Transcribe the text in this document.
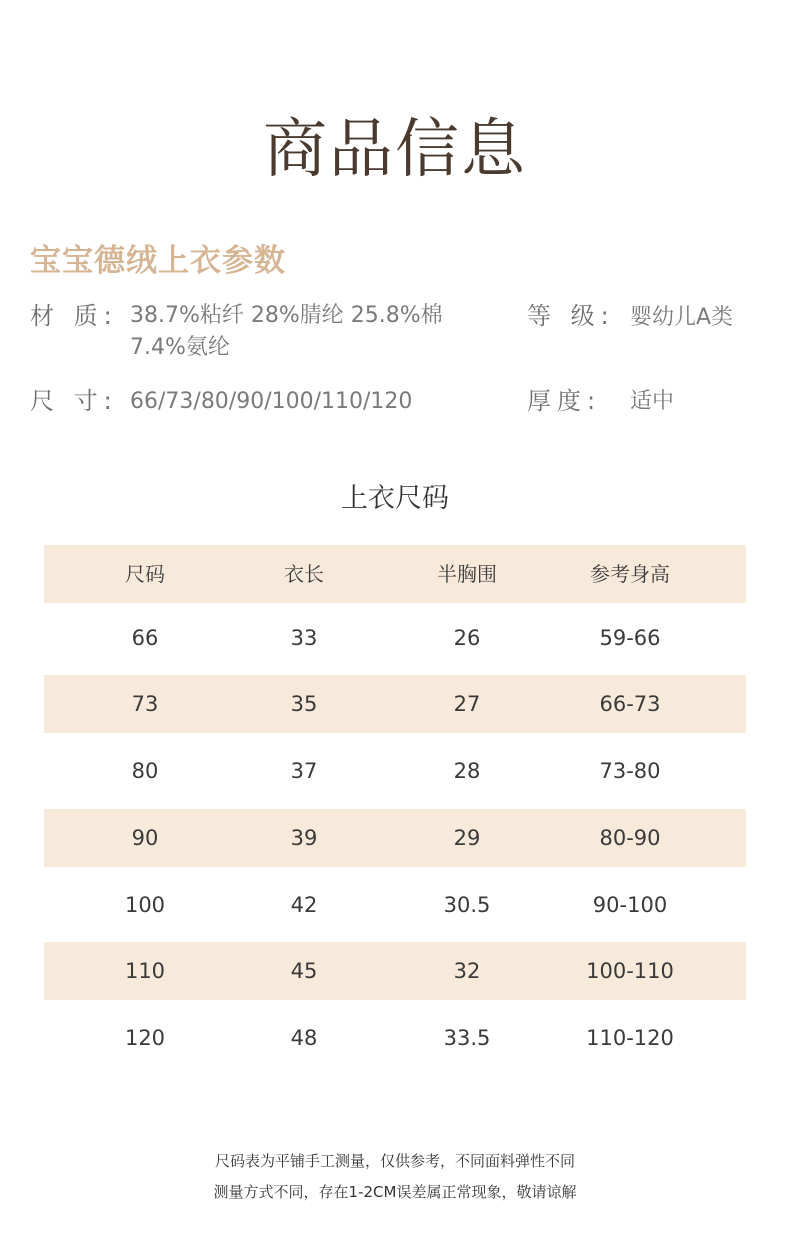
商品信息
宝宝德绒上衣参数
材 质: 38.7%粘纤 28%腈纶 25.8%棉
7.4%氨纶
等 级: 婴幼儿A类
尺 寸: 66/73/80/90/100/110/120	厚度: 适中
上衣尺码
尺码	衣长	半胸围	参考身高
66	33	26	59-66
73	35	27	66-73
80	37	28	73-80
90	39	29	80-90
100	42	30.5	90-100
110	45	32	100-110
120	48	33.5	110-120
尺码表为平铺手工测量，仅供参考，不同面料弹性不同
测量方式不同，存在1-2CM误差属正常现象，敬请谅解
